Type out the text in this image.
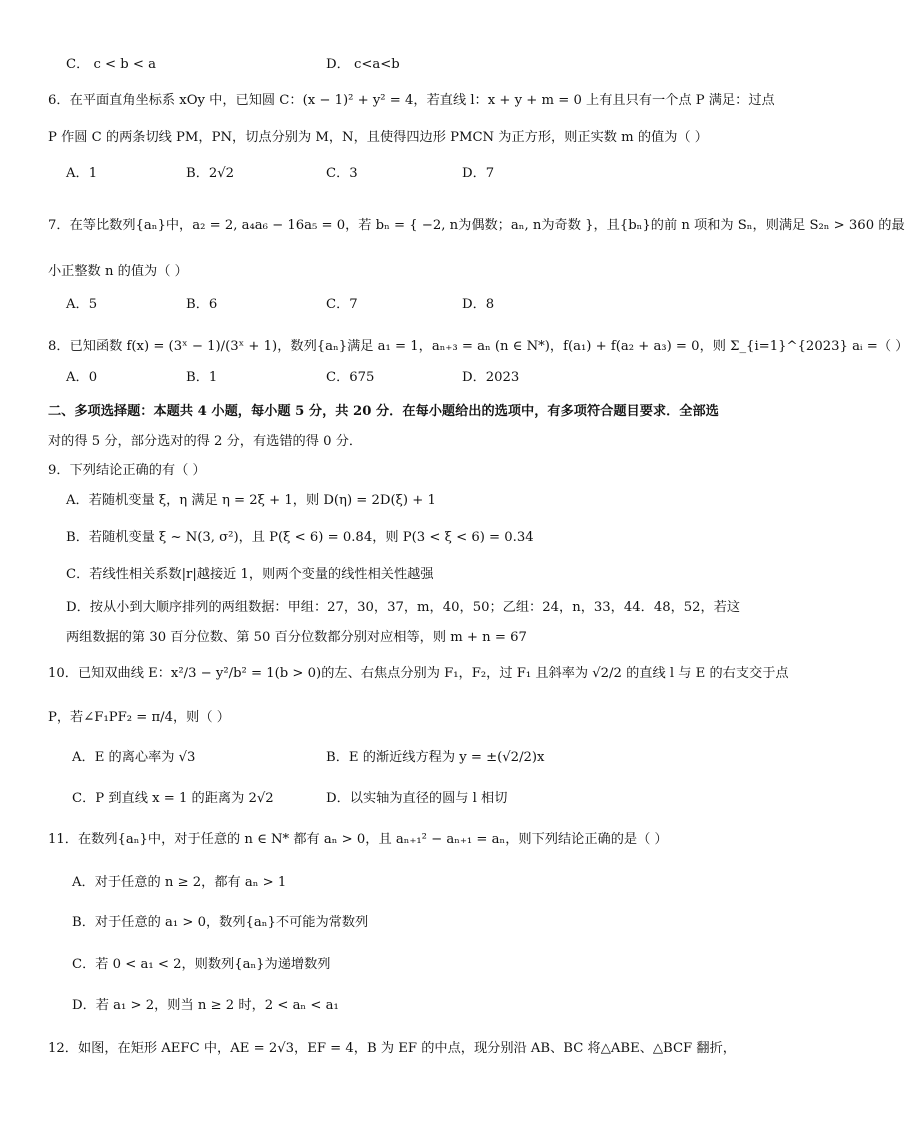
C． c < b < a	D． c<a<b
6．在平面直角坐标系 xOy 中，已知圆 C：(x − 1)² + y² = 4，若直线 l：x + y + m = 0 上有且只有一个点 P 满足：过点
P 作圆 C 的两条切线 PM，PN，切点分别为 M，N，且使得四边形 PMCN 为正方形，则正实数 m 的值为（ ）
A．1	B．2√2	C．3	D．7
7．在等比数列{aₙ}中，a₂ = 2, a₄a₆ − 16a₅ = 0，若 bₙ = { −2, n为偶数；aₙ, n为奇数 }，且{bₙ}的前 n 项和为 Sₙ，则满足 S₂ₙ > 360 的最
小正整数 n 的值为（ ）
A．5	B．6	C．7	D．8
8．已知函数 f(x) = (3ˣ − 1)/(3ˣ + 1)，数列{aₙ}满足 a₁ = 1，aₙ₊₃ = aₙ (n ∈ N*)，f(a₁) + f(a₂ + a₃) = 0，则 Σ_{i=1}^{2023} aᵢ =（ ）
A．0	B．1	C．675	D．2023
二、多项选择题：本题共 4 小题，每小题 5 分，共 20 分．在每小题给出的选项中，有多项符合题目要求．全部选
对的得 5 分，部分选对的得 2 分，有选错的得 0 分．
9．下列结论正确的有（ ）
A．若随机变量 ξ，η 满足 η = 2ξ + 1，则 D(η) = 2D(ξ) + 1
B．若随机变量 ξ ~ N(3, σ²)，且 P(ξ < 6) = 0.84，则 P(3 < ξ < 6) = 0.34
C．若线性相关系数|r|越接近 1，则两个变量的线性相关性越强
D．按从小到大顺序排列的两组数据：甲组：27，30，37，m，40，50；乙组：24，n，33，44．48，52，若这
两组数据的第 30 百分位数、第 50 百分位数都分别对应相等，则 m + n = 67
10．已知双曲线 E：x²/3 − y²/b² = 1(b > 0)的左、右焦点分别为 F₁，F₂，过 F₁ 且斜率为 √2/2 的直线 l 与 E 的右支交于点
P，若∠F₁PF₂ = π/4，则（ ）
A．E 的离心率为 √3	B．E 的渐近线方程为 y = ±(√2/2)x
C．P 到直线 x = 1 的距离为 2√2	D．以实轴为直径的圆与 l 相切
11．在数列{aₙ}中，对于任意的 n ∈ N* 都有 aₙ > 0，且 aₙ₊₁² − aₙ₊₁ = aₙ，则下列结论正确的是（ ）
A．对于任意的 n ≥ 2，都有 aₙ > 1
B．对于任意的 a₁ > 0，数列{aₙ}不可能为常数列
C．若 0 < a₁ < 2，则数列{aₙ}为递增数列
D．若 a₁ > 2，则当 n ≥ 2 时，2 < aₙ < a₁
12．如图，在矩形 AEFC 中，AE = 2√3，EF = 4，B 为 EF 的中点，现分别沿 AB、BC 将△ABE、△BCF 翻折，
